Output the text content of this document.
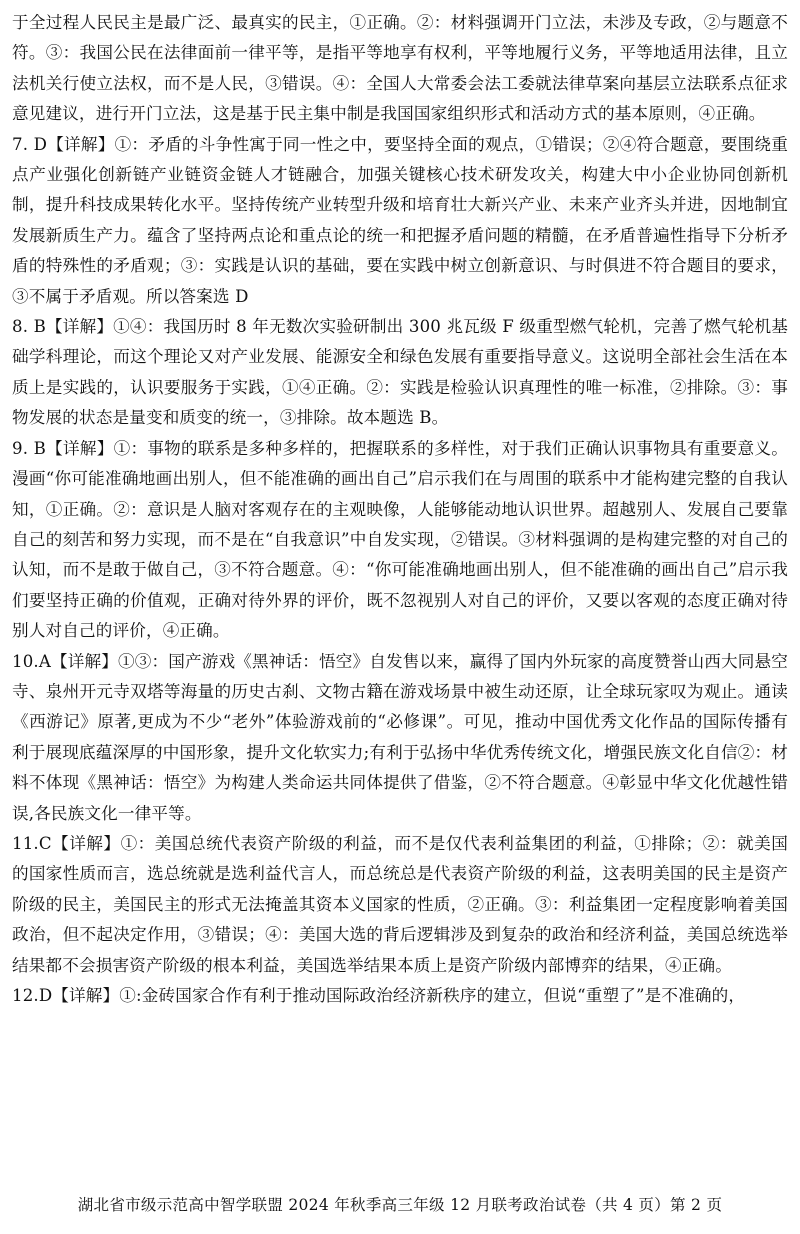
于全过程人民民主是最广泛、最真实的民主，①正确。②：材料强调开门立法，未涉及专政，②与题意不符。③：我国公民在法律面前一律平等，是指平等地享有权利，平等地履行义务，平等地适用法律，且立法机关行使立法权，而不是人民，③错误。④：全国人大常委会法工委就法律草案向基层立法联系点征求意见建议，进行开门立法，这是基于民主集中制是我国国家组织形式和活动方式的基本原则，④正确。

7. D【详解】①：矛盾的斗争性寓于同一性之中，要坚持全面的观点，①错误；②④符合题意，要围绕重点产业强化创新链产业链资金链人才链融合，加强关键核心技术研发攻关，构建大中小企业协同创新机制，提升科技成果转化水平。坚持传统产业转型升级和培育壮大新兴产业、未来产业齐头并进，因地制宜发展新质生产力。蕴含了坚持两点论和重点论的统一和把握矛盾问题的精髓，在矛盾普遍性指导下分析矛盾的特殊性的矛盾观；③：实践是认识的基础，要在实践中树立创新意识、与时俱进不符合题目的要求，③不属于矛盾观。所以答案选 D

8. B【详解】①④：我国历时 8 年无数次实验研制出 300 兆瓦级 F 级重型燃气轮机，完善了燃气轮机基础学科理论，而这个理论又对产业发展、能源安全和绿色发展有重要指导意义。这说明全部社会生活在本质上是实践的，认识要服务于实践，①④正确。②：实践是检验认识真理性的唯一标准，②排除。③：事物发展的状态是量变和质变的统一，③排除。故本题选 B。

9. B【详解】①：事物的联系是多种多样的，把握联系的多样性，对于我们正确认识事物具有重要意义。漫画“你可能准确地画出别人，但不能准确的画出自己”启示我们在与周围的联系中才能构建完整的自我认知，①正确。②：意识是人脑对客观存在的主观映像，人能够能动地认识世界。超越别人、发展自己要靠自己的刻苦和努力实现，而不是在“自我意识”中自发实现，②错误。③材料强调的是构建完整的对自己的认知，而不是敢于做自己，③不符合题意。④：“你可能准确地画出别人，但不能准确的画出自己”启示我们要坚持正确的价值观，正确对待外界的评价，既不忽视别人对自己的评价，又要以客观的态度正确对待别人对自己的评价，④正确。

10.A【详解】①③：国产游戏《黑神话：悟空》自发售以来，赢得了国内外玩家的高度赞誉山西大同悬空寺、泉州开元寺双塔等海量的历史古刹、文物古籍在游戏场景中被生动还原，让全球玩家叹为观止。通读《西游记》原著,更成为不少“老外”体验游戏前的“必修课”。可见，推动中国优秀文化作品的国际传播有利于展现底蕴深厚的中国形象，提升文化软实力;有利于弘扬中华优秀传统文化，增强民族文化自信②：材料不体现《黑神话：悟空》为构建人类命运共同体提供了借鉴，②不符合题意。④彰显中华文化优越性错误,各民族文化一律平等。

11.C【详解】①：美国总统代表资产阶级的利益，而不是仅代表利益集团的利益，①排除；②：就美国的国家性质而言，选总统就是选利益代言人，而总统总是代表资产阶级的利益，这表明美国的民主是资产阶级的民主，美国民主的形式无法掩盖其资本义国家的性质，②正确。③：利益集团一定程度影响着美国政治，但不起决定作用，③错误；④：美国大选的背后逻辑涉及到复杂的政治和经济利益，美国总统选举结果都不会损害资产阶级的根本利益，美国选举结果本质上是资产阶级内部博弈的结果，④正确。

12.D【详解】①:金砖国家合作有利于推动国际政治经济新秩序的建立，但说“重塑了”是不准确的，

湖北省市级示范高中智学联盟 2024 年秋季高三年级 12 月联考政治试卷（共 4 页）第 2 页
